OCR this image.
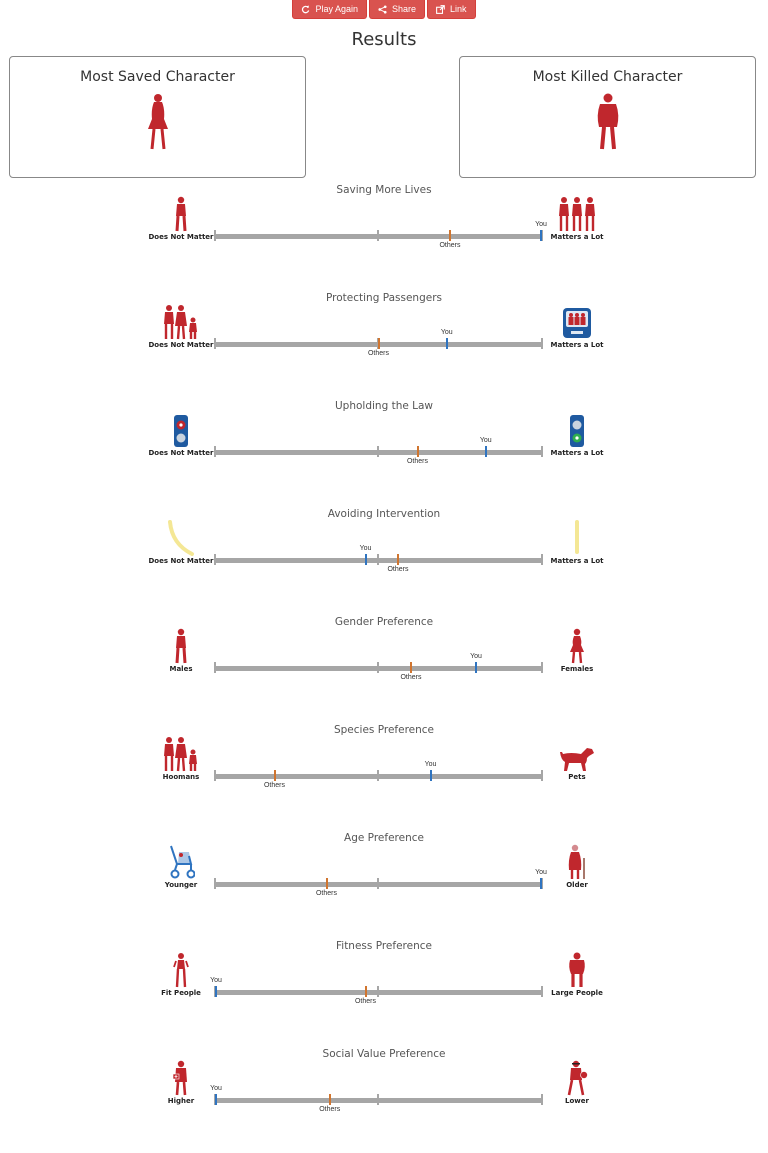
Play Again	Share	Link
Results
Most Saved Character	Most Killed Character
Saving More Lives
Does Not Matter	Matters a Lot
Others
You
Protecting Passengers
Does Not Matter	Matters a Lot
Others
You
Upholding the Law
Does Not Matter	Matters a Lot
Others
You
Avoiding Intervention
Does Not Matter	Matters a Lot
Others
You
Gender Preference
Males	Females
Others
You
Species Preference
Hoomans	Pets
Others
You
Age Preference
Younger	Older
Others
You
Fitness Preference
Fit People	Large People
Others
You
Social Value Preference
Higher	Lower
Others
You
